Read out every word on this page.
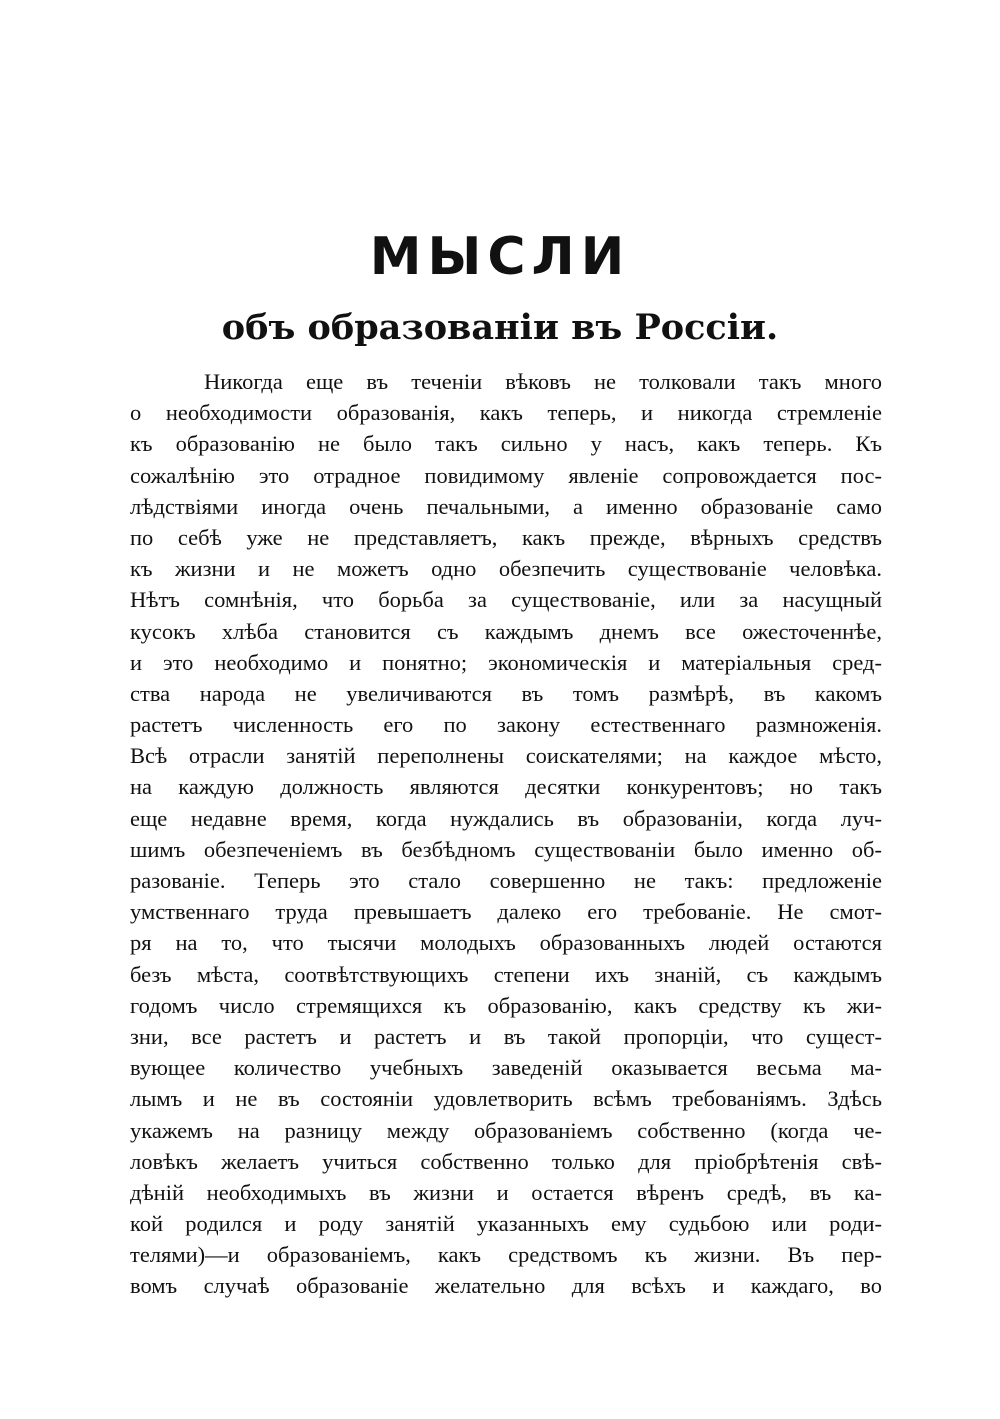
МЫСЛИ
объ образованіи въ Россіи.
Никогда еще въ теченіи вѣковъ не толковали такъ много
о необходимости образованія, какъ теперь, и никогда стремленіе
къ образованію не было такъ сильно у насъ, какъ теперь. Къ
сожалѣнію это отрадное повидимому явленіе сопровождается пос-
лѣдствіями иногда очень печальными, а именно образованіе само
по себѣ уже не представляетъ, какъ прежде, вѣрныхъ средствъ
къ жизни и не можетъ одно обезпечить существованіе человѣка.
Нѣтъ сомнѣнія, что борьба за существованіе, или за насущный
кусокъ хлѣба становится съ каждымъ днемъ все ожесточеннѣе,
и это необходимо и понятно; экономическія и матеріальныя сред-
ства народа не увеличиваются въ томъ размѣрѣ, въ какомъ
растетъ численность его по закону естественнаго размноженія.
Всѣ отрасли занятій переполнены соискателями; на каждое мѣсто,
на каждую должность являются десятки конкурентовъ; но такъ
еще недавне время, когда нуждались въ образованіи, когда луч-
шимъ обезпеченіемъ въ безбѣдномъ существованіи было именно об-
разованіе. Теперь это стало совершенно не такъ: предложеніе
умственнаго труда превышаетъ далеко его требованіе. Не смот-
ря на то, что тысячи молодыхъ образованныхъ людей остаются
безъ мѣста, соотвѣтствующихъ степени ихъ знаній, съ каждымъ
годомъ число стремящихся къ образованію, какъ средству къ жи-
зни, все растетъ и растетъ и въ такой пропорціи, что сущест-
вующее количество учебныхъ заведеній оказывается весьма ма-
лымъ и не въ состояніи удовлетворить всѣмъ требованіямъ. Здѣсь
укажемъ на разницу между образованіемъ собственно (когда че-
ловѣкъ желаетъ учиться собственно только для пріобрѣтенія свѣ-
дѣній необходимыхъ въ жизни и остается вѣренъ средѣ, въ ка-
кой родился и роду занятій указанныхъ ему судьбою или роди-
телями)—и образованіемъ, какъ средствомъ къ жизни. Въ пер-
вомъ случаѣ образованіе желательно для всѣхъ и каждаго, во
